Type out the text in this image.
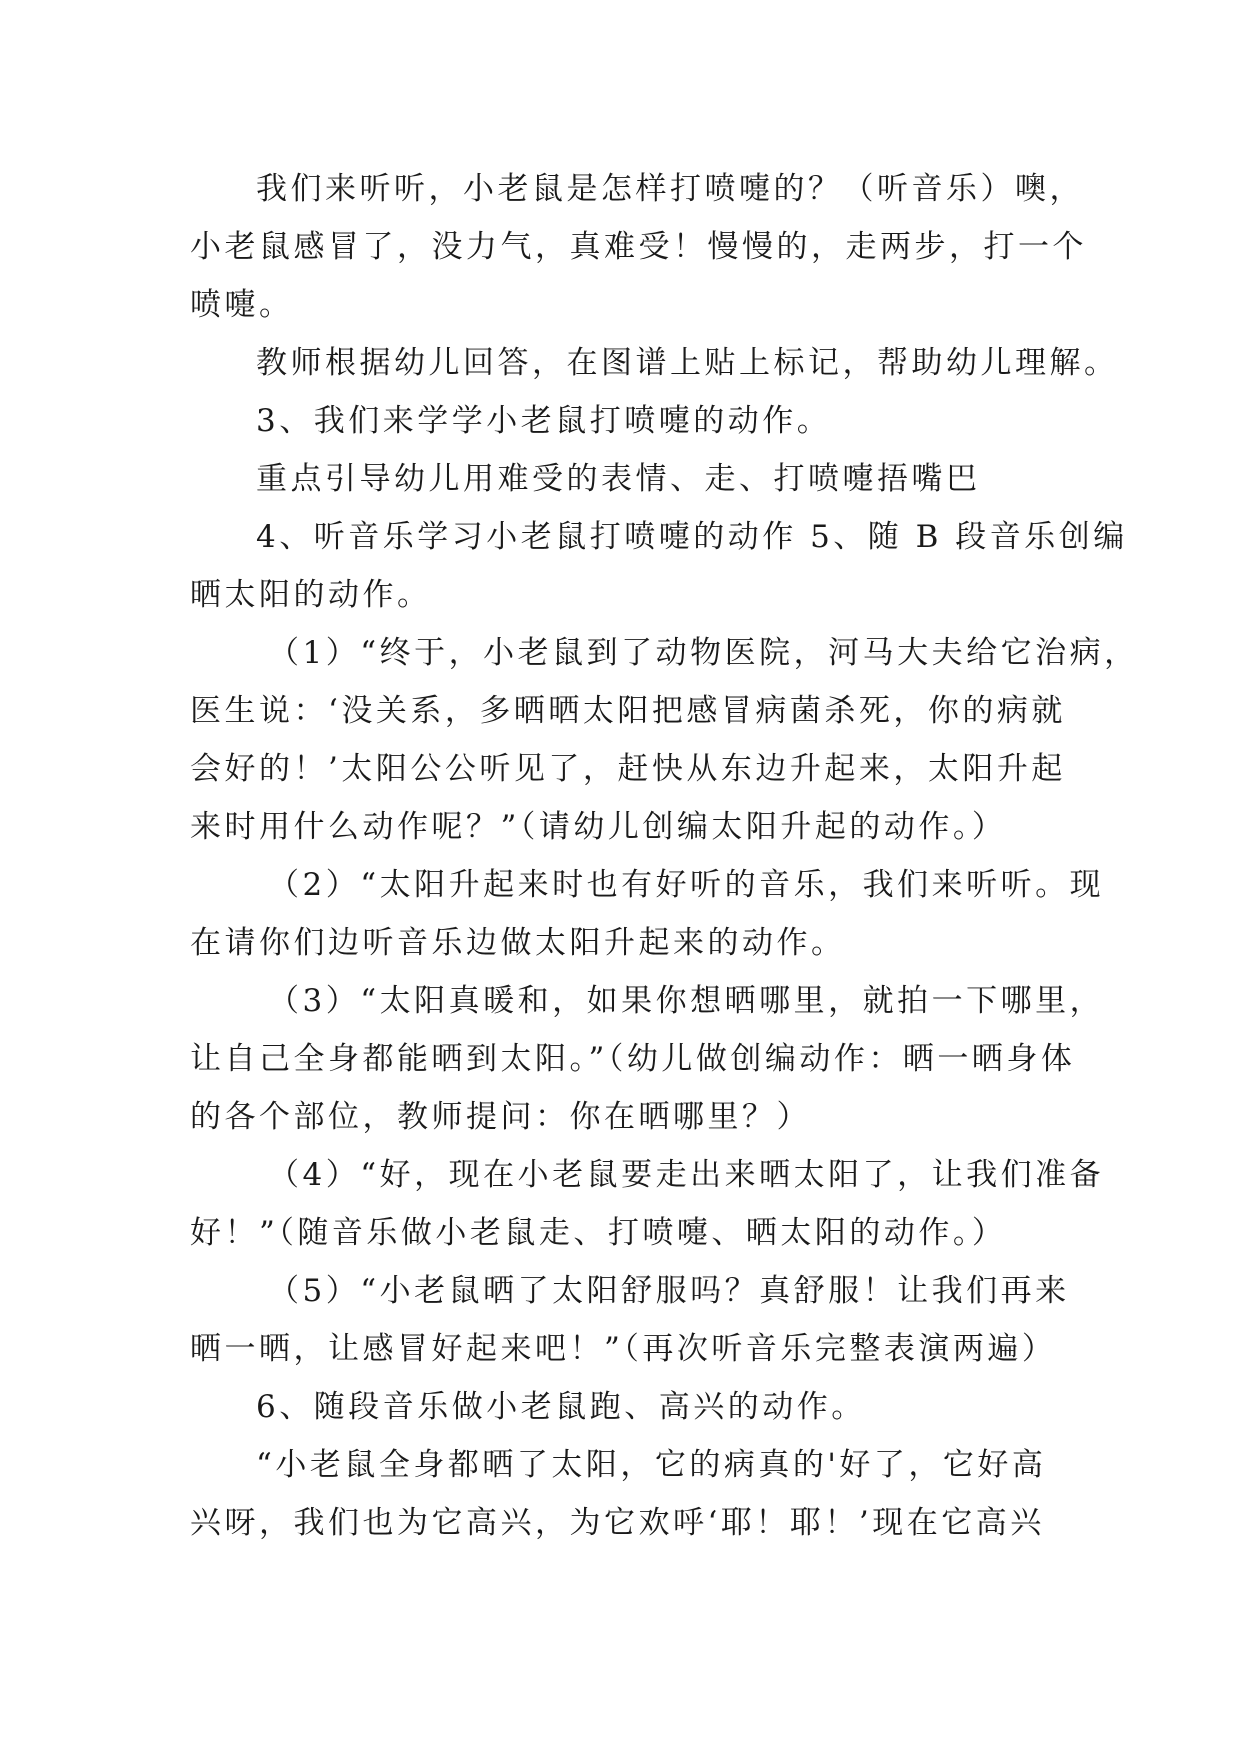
我们来听听，小老鼠是怎样打喷嚏的？（听音乐）噢，
小老鼠感冒了，没力气，真难受！慢慢的，走两步，打一个
喷嚏。
教师根据幼儿回答，在图谱上贴上标记，帮助幼儿理解。
3、我们来学学小老鼠打喷嚏的动作。
重点引导幼儿用难受的表情、走、打喷嚏捂嘴巴
4、听音乐学习小老鼠打喷嚏的动作 5、随 B 段音乐创编
晒太阳的动作。
（1）“终于，小老鼠到了动物医院，河马大夫给它治病，
医生说：‘没关系，多晒晒太阳把感冒病菌杀死，你的病就
会好的！’太阳公公听见了，赶快从东边升起来，太阳升起
来时用什么动作呢？”（请幼儿创编太阳升起的动作。）
（2）“太阳升起来时也有好听的音乐，我们来听听。现
在请你们边听音乐边做太阳升起来的动作。
（3）“太阳真暖和，如果你想晒哪里，就拍一下哪里，
让自己全身都能晒到太阳。”（幼儿做创编动作：晒一晒身体
的各个部位，教师提问：你在晒哪里？）
（4）“好，现在小老鼠要走出来晒太阳了，让我们准备
好！”（随音乐做小老鼠走、打喷嚏、晒太阳的动作。）
（5）“小老鼠晒了太阳舒服吗？真舒服！让我们再来
晒一晒，让感冒好起来吧！”（再次听音乐完整表演两遍）
6、随段音乐做小老鼠跑、高兴的动作。
“小老鼠全身都晒了太阳，它的病真的'好了，它好高
兴呀，我们也为它高兴，为它欢呼‘耶！耶！’现在它高兴
